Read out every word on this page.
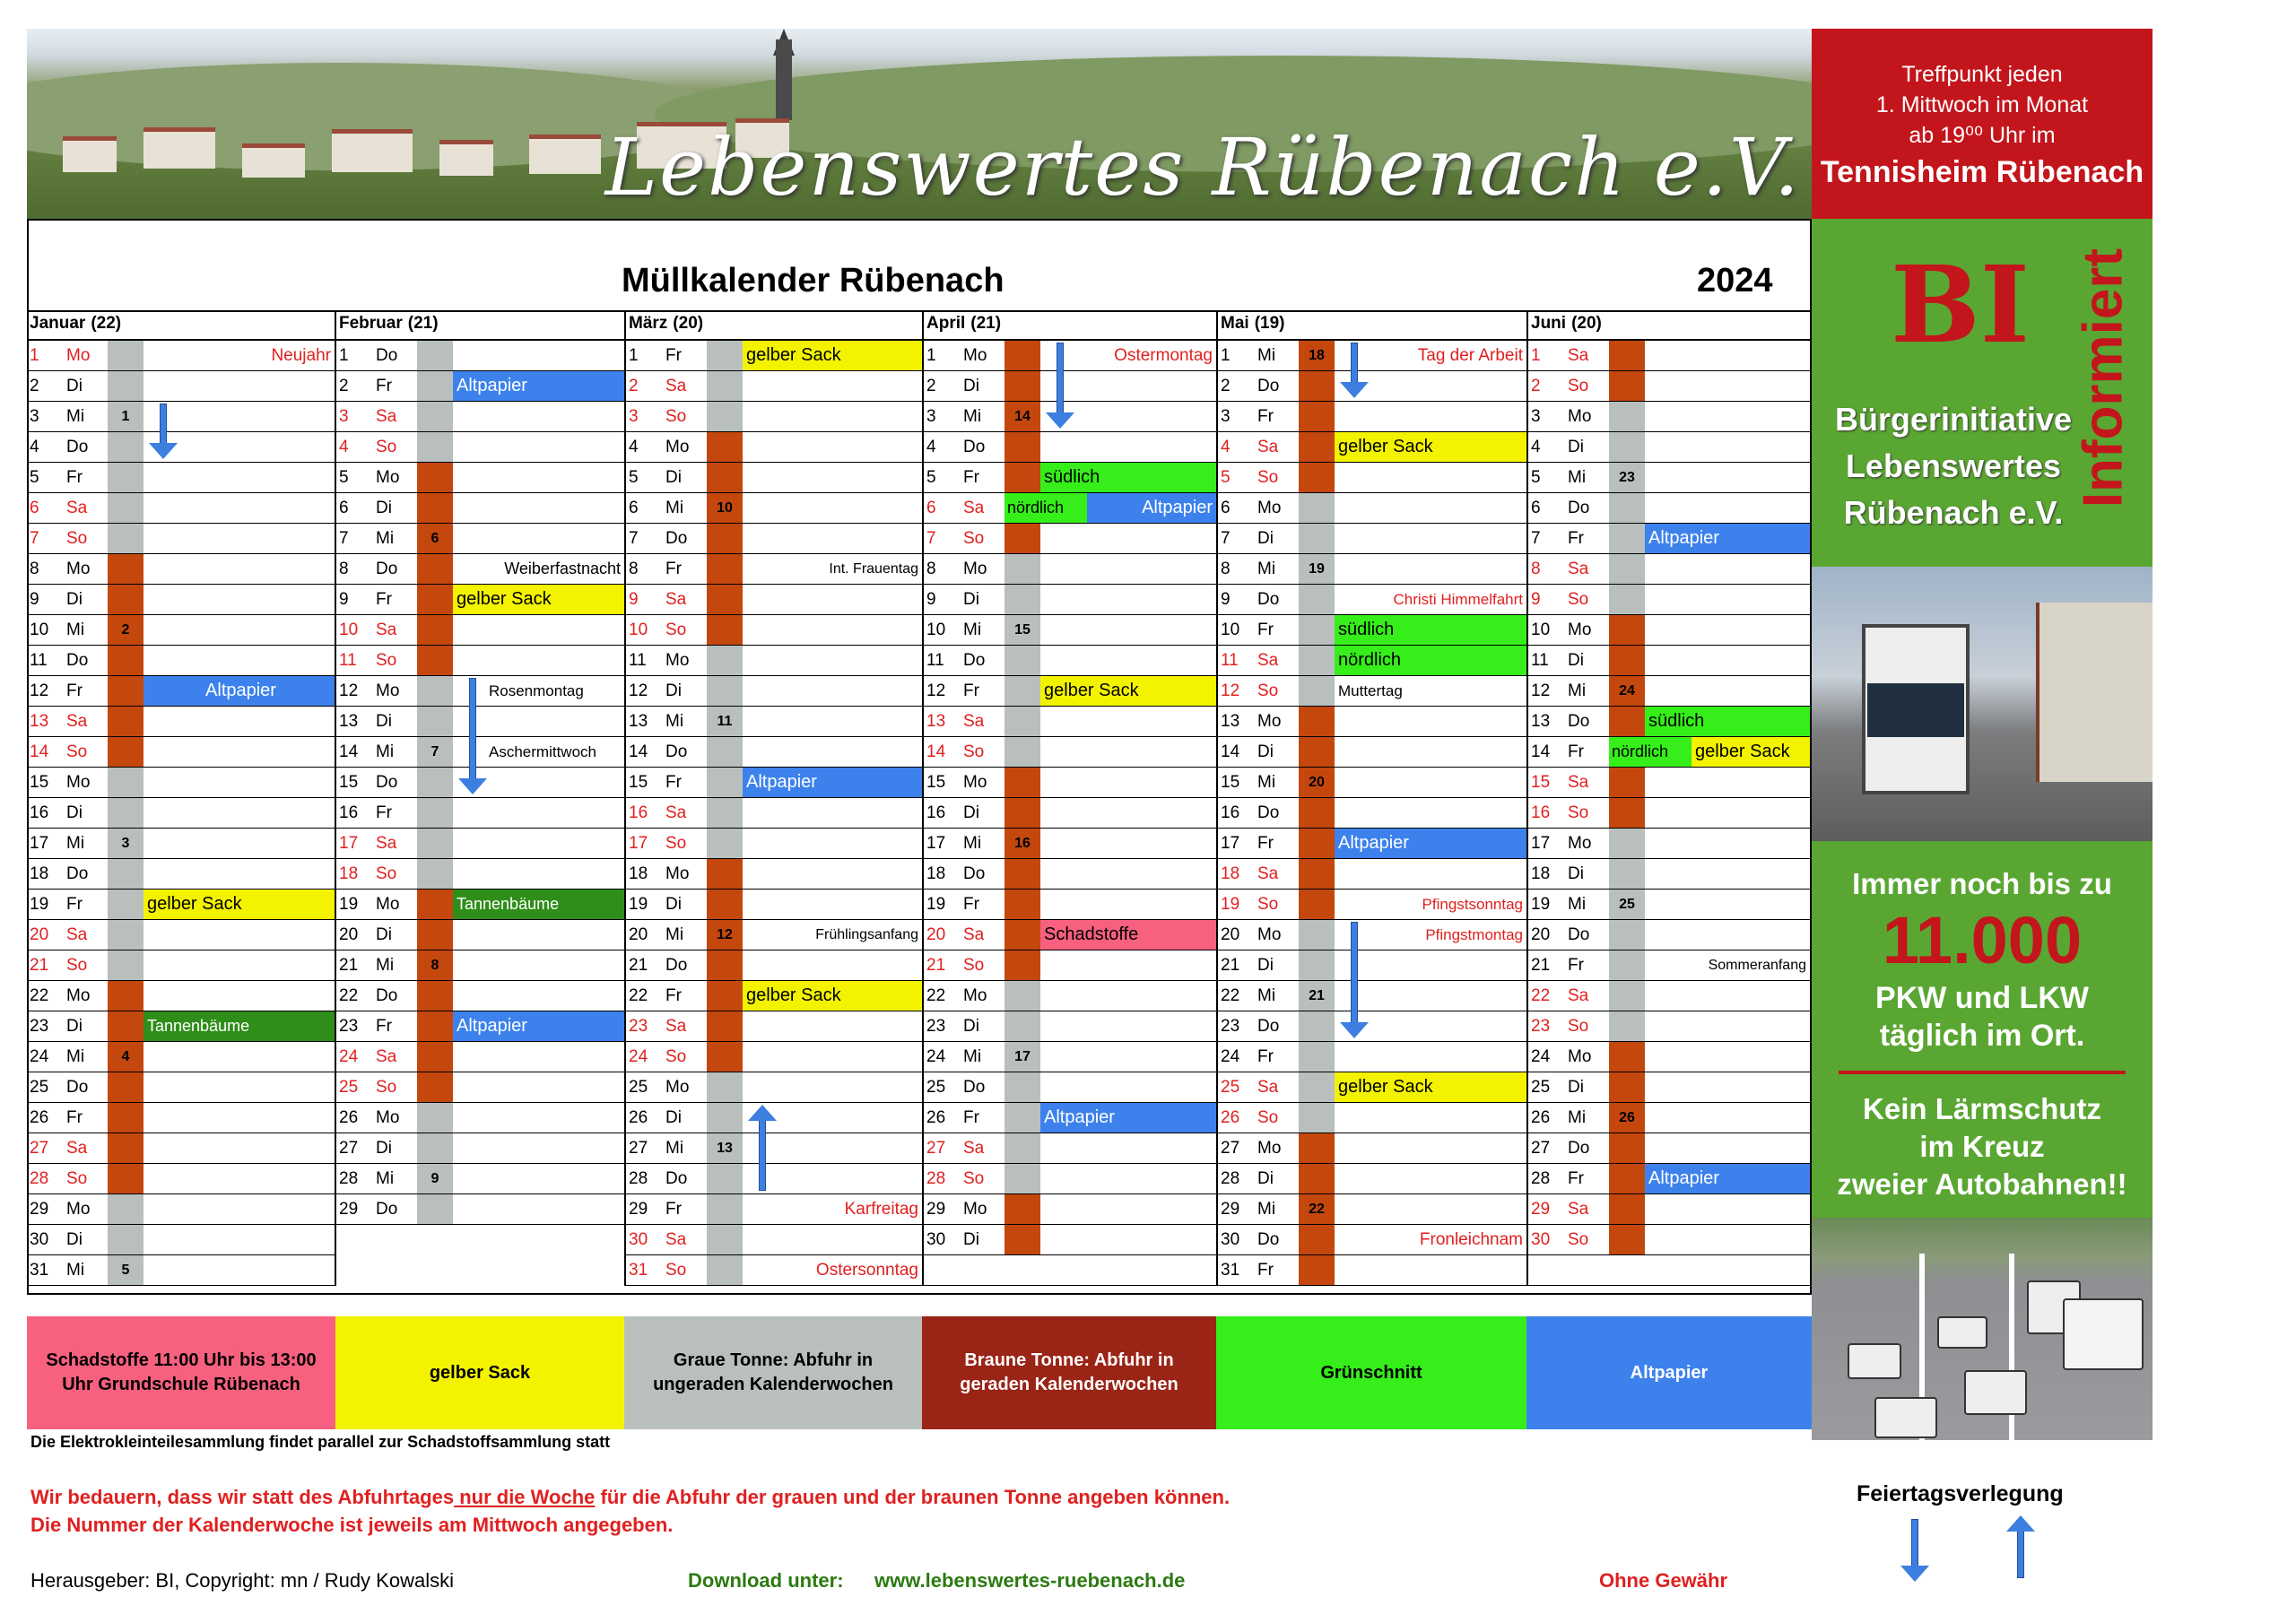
Lebenswertes Rübenach e.V.
Müllkalender Rübenach	2024
Januar (22)
1	Mo	Neujahr
2	Di
3	Mi	1
4	Do
5	Fr
6	Sa
7	So
8	Mo
9	Di
10	Mi	2
11	Do
12	Fr	Altpapier
13	Sa
14	So
15	Mo
16	Di
17	Mi	3
18	Do
19	Fr	gelber Sack
20	Sa
21	So
22	Mo
23	Di	Tannenbäume
24	Mi	4
25	Do
26	Fr
27	Sa
28	So
29	Mo
30	Di
31	Mi	5
Februar (21)
1	Do
2	Fr	Altpapier
3	Sa
4	So
5	Mo
6	Di
7	Mi	6
8	Do	Weiberfastnacht
9	Fr	gelber Sack
10	Sa
11	So
12	Mo	Rosenmontag
13	Di
14	Mi	7	Aschermittwoch
15	Do
16	Fr
17	Sa
18	So
19	Mo	Tannenbäume
20	Di
21	Mi	8
22	Do
23	Fr	Altpapier
24	Sa
25	So
26	Mo
27	Di
28	Mi	9
29	Do
März (20)
1	Fr	gelber Sack
2	Sa
3	So
4	Mo
5	Di
6	Mi	10
7	Do
8	Fr	Int. Frauentag
9	Sa
10	So
11	Mo
12	Di
13	Mi	11
14	Do
15	Fr	Altpapier
16	Sa
17	So
18	Mo
19	Di
20	Mi	12	Frühlingsanfang
21	Do
22	Fr	gelber Sack
23	Sa
24	So
25	Mo
26	Di
27	Mi	13
28	Do
29	Fr	Karfreitag
30	Sa
31	So	Ostersonntag
April (21)
1	Mo	Ostermontag
2	Di
3	Mi	14
4	Do
5	Fr	südlich
6	Sa	nördlich	Altpapier
7	So
8	Mo
9	Di
10	Mi	15
11	Do
12	Fr	gelber Sack
13	Sa
14	So
15	Mo
16	Di
17	Mi	16
18	Do
19	Fr
20	Sa	Schadstoffe
21	So
22	Mo
23	Di
24	Mi	17
25	Do
26	Fr	Altpapier
27	Sa
28	So
29	Mo
30	Di
Mai (19)
1	Mi	18	Tag der Arbeit
2	Do
3	Fr
4	Sa	gelber Sack
5	So
6	Mo
7	Di
8	Mi	19
9	Do	Christi Himmelfahrt
10	Fr	südlich
11	Sa	nördlich
12	So	Muttertag
13	Mo
14	Di
15	Mi	20
16	Do
17	Fr	Altpapier
18	Sa
19	So	Pfingstsonntag
20	Mo	Pfingstmontag
21	Di
22	Mi	21
23	Do
24	Fr
25	Sa	gelber Sack
26	So
27	Mo
28	Di
29	Mi	22
30	Do	Fronleichnam
31	Fr
Juni (20)
1	Sa
2	So
3	Mo
4	Di
5	Mi	23
6	Do
7	Fr	Altpapier
8	Sa
9	So
10	Mo
11	Di
12	Mi	24
13	Do	südlich
14	Fr	nördlich	gelber Sack
15	Sa
16	So
17	Mo
18	Di
19	Mi	25
20	Do
21	Fr	Sommeranfang
22	Sa
23	So
24	Mo
25	Di
26	Mi	26
27	Do
28	Fr	Altpapier
29	Sa
30	So
Treffpunkt jeden
1. Mittwoch im Monat
ab 19⁰⁰ Uhr im
Tennisheim Rübenach
BI Informiert
Bürgerinitiative
Lebenswertes
Rübenach e.V.
Immer noch bis zu
11.000
PKW und LKW
täglich im Ort.
Kein Lärmschutz
im Kreuz
zweier Autobahnen!!
Schadstoffe 11:00 Uhr bis 13:00 Uhr Grundschule Rübenach
gelber Sack
Graue Tonne: Abfuhr in ungeraden Kalenderwochen
Braune Tonne: Abfuhr in geraden Kalenderwochen
Grünschnitt	Altpapier
Die Elektrokleinteilesammlung findet parallel zur Schadstoffsammlung statt
Wir bedauern, dass wir statt des Abfuhrtages nur die Woche für die Abfuhr der grauen und der braunen Tonne angeben können.
Die Nummer der Kalenderwoche ist jeweils am Mittwoch angegeben.
Feiertagsverlegung
Herausgeber: BI, Copyright: mn / Rudy Kowalski	Download unter: www.lebenswertes-ruebenach.de	Ohne Gewähr
